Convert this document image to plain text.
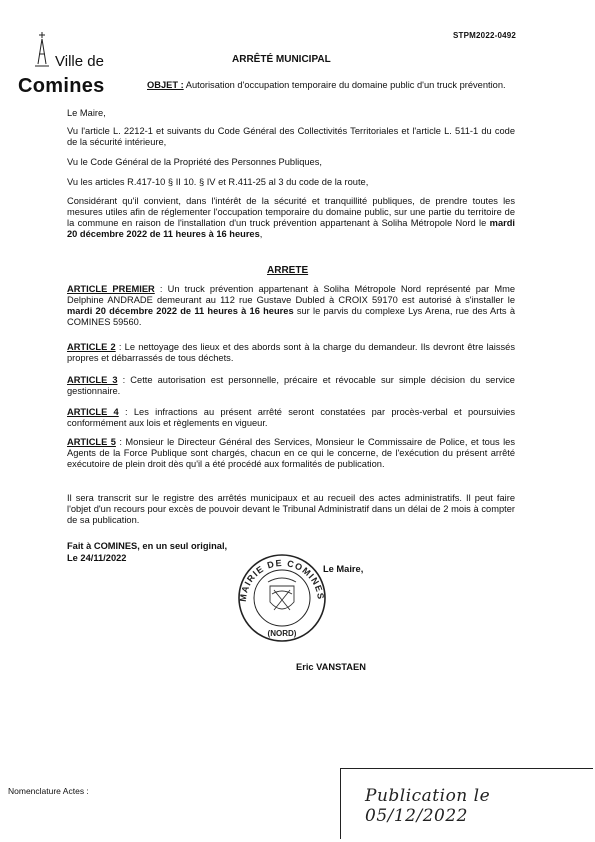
STPM2022-0492
Ville de
Comines
ARRÊTÉ MUNICIPAL
OBJET : Autorisation d'occupation temporaire du domaine public d'un truck prévention.
Le Maire,
Vu l'article L. 2212-1 et suivants du Code Général des Collectivités Territoriales et l'article L. 511-1 du code de la sécurité intérieure,
Vu le Code Général de la Propriété des Personnes Publiques,
Vu les articles R.417-10 § II 10. § IV et R.411-25 al 3 du code de la route,
Considérant qu'il convient, dans l'intérêt de la sécurité et tranquillité publiques, de prendre toutes les mesures utiles afin de réglementer l'occupation temporaire du domaine public, sur une partie du territoire de la commune en raison de l'installation d'un truck prévention appartenant à Soliha Métropole Nord le mardi 20 décembre 2022 de 11 heures à 16 heures,
ARRETE
ARTICLE PREMIER : Un truck prévention appartenant à Soliha Métropole Nord représenté par Mme Delphine ANDRADE demeurant au 112 rue Gustave Dubled à CROIX 59170 est autorisé à s'installer le mardi 20 décembre 2022 de 11 heures à 16 heures sur le parvis du complexe Lys Arena, rue des Arts à COMINES 59560.
ARTICLE 2 : Le nettoyage des lieux et des abords sont à la charge du demandeur. Ils devront être laissés propres et débarrassés de tous déchets.
ARTICLE 3 : Cette autorisation est personnelle, précaire et révocable sur simple décision du service gestionnaire.
ARTICLE 4 : Les infractions au présent arrêté seront constatées par procès-verbal et poursuivies conformément aux lois et règlements en vigueur.
ARTICLE 5 : Monsieur le Directeur Général des Services, Monsieur le Commissaire de Police, et tous les Agents de la Force Publique sont chargés, chacun en ce qui le concerne, de l'exécution du présent arrêté exécutoire de plein droit dès qu'il a été procédé aux formalités de publication.
Il sera transcrit sur le registre des arrêtés municipaux et au recueil des actes administratifs. Il peut faire l'objet d'un recours pour excès de pouvoir devant le Tribunal Administratif dans un délai de 2 mois à compter de sa publication.
Fait à COMINES, en un seul original,
Le 24/11/2022
MAIRIE DE COMINES
(NORD)
Le Maire,
Eric VANSTAEN
Nomenclature Actes :	Publication le 05/12/2022
